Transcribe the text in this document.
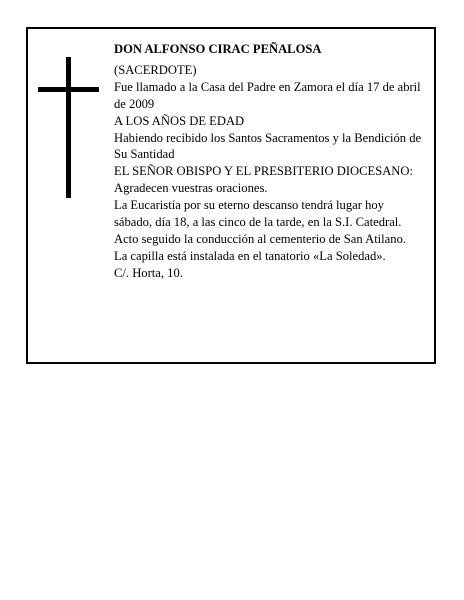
DON ALFONSO CIRAC PEÑALOSA

(SACERDOTE)

Fue llamado a la Casa del Padre en Zamora el día 17 de abril de 2009

A LOS AÑOS DE EDAD

Habiendo recibido los Santos Sacramentos y la Bendición de Su Santidad

EL SEÑOR OBISPO Y EL PRESBITERIO DIOCESANO:

Agradecen vuestras oraciones.

La Eucaristía por su eterno descanso tendrá lugar hoy sábado, día 18, a las cinco de la tarde, en la S.I. Catedral. Acto seguido la conducción al cementerio de San Atilano.

La capilla está instalada en el tanatorio «La Soledad».

C/. Horta, 10.
